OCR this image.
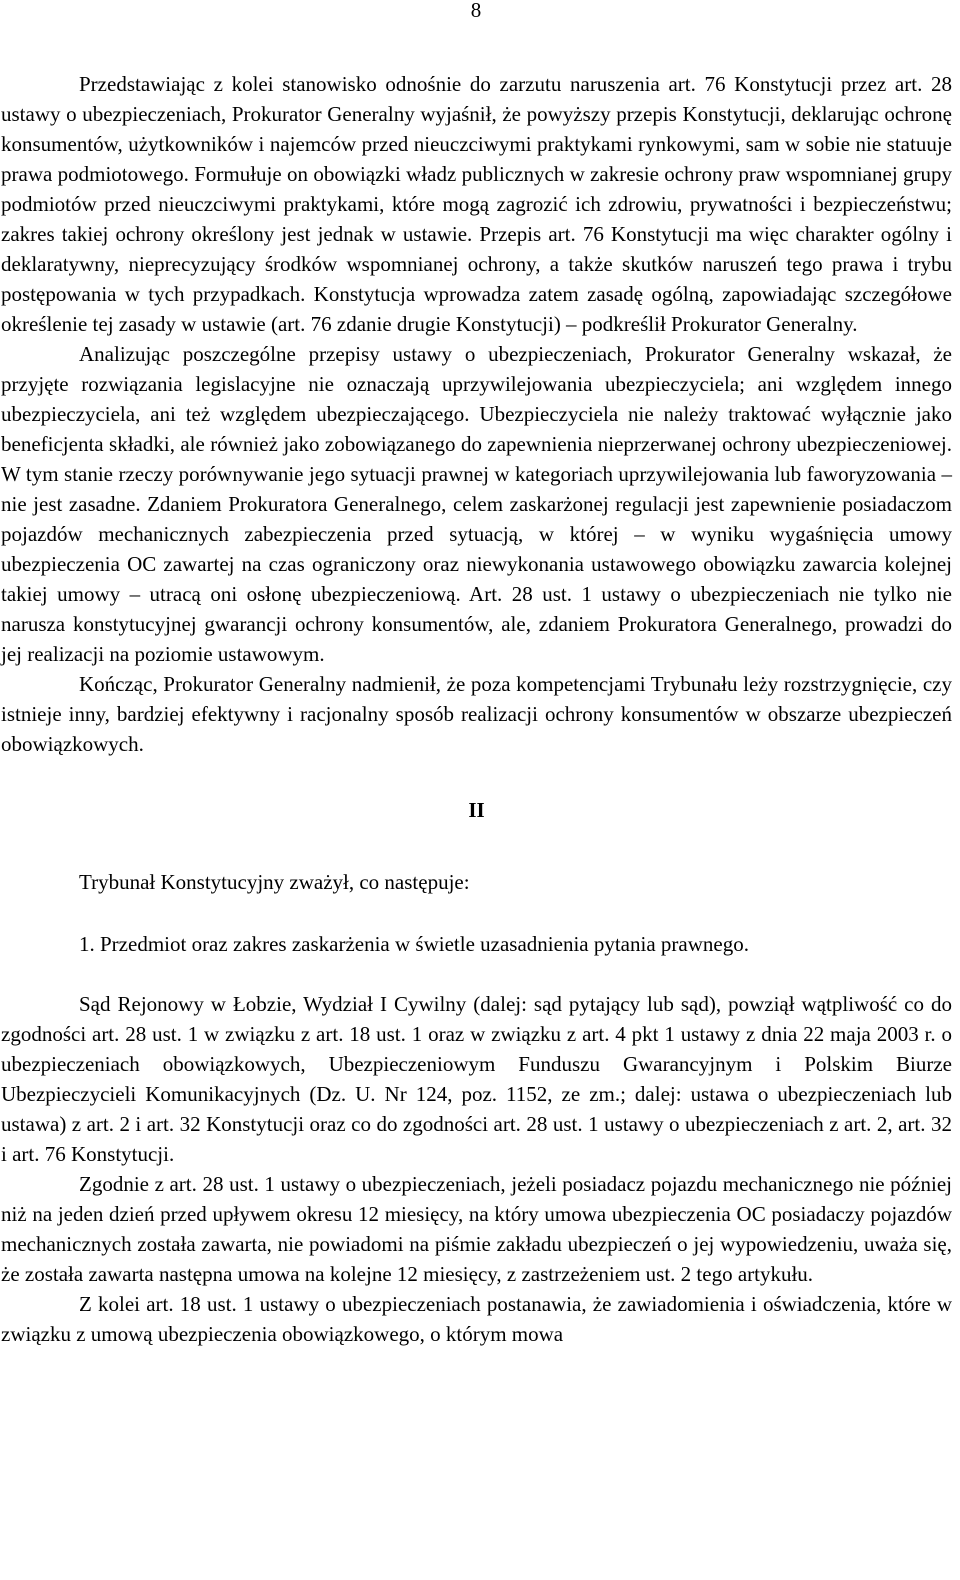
8

Przedstawiając z kolei stanowisko odnośnie do zarzutu naruszenia art. 76 Konstytucji przez art. 28 ustawy o ubezpieczeniach, Prokurator Generalny wyjaśnił, że powyższy przepis Konstytucji, deklarując ochronę konsumentów, użytkowników i najemców przed nieuczciwymi praktykami rynkowymi, sam w sobie nie statuuje prawa podmiotowego. Formułuje on obowiązki władz publicznych w zakresie ochrony praw wspomnianej grupy podmiotów przed nieuczciwymi praktykami, które mogą zagrozić ich zdrowiu, prywatności i bezpieczeństwu; zakres takiej ochrony określony jest jednak w ustawie. Przepis art. 76 Konstytucji ma więc charakter ogólny i deklaratywny, nieprecyzujący środków wspomnianej ochrony, a także skutków naruszeń tego prawa i trybu postępowania w tych przypadkach. Konstytucja wprowadza zatem zasadę ogólną, zapowiadając szczegółowe określenie tej zasady w ustawie (art. 76 zdanie drugie Konstytucji) – podkreślił Prokurator Generalny.

Analizując poszczególne przepisy ustawy o ubezpieczeniach, Prokurator Generalny wskazał, że przyjęte rozwiązania legislacyjne nie oznaczają uprzywilejowania ubezpieczyciela; ani względem innego ubezpieczyciela, ani też względem ubezpieczającego. Ubezpieczyciela nie należy traktować wyłącznie jako beneficjenta składki, ale również jako zobowiązanego do zapewnienia nieprzerwanej ochrony ubezpieczeniowej. W tym stanie rzeczy porównywanie jego sytuacji prawnej w kategoriach uprzywilejowania lub faworyzowania – nie jest zasadne. Zdaniem Prokuratora Generalnego, celem zaskarżonej regulacji jest zapewnienie posiadaczom pojazdów mechanicznych zabezpieczenia przed sytuacją, w której – w wyniku wygaśnięcia umowy ubezpieczenia OC zawartej na czas ograniczony oraz niewykonania ustawowego obowiązku zawarcia kolejnej takiej umowy – utracą oni osłonę ubezpieczeniową. Art. 28 ust. 1 ustawy o ubezpieczeniach nie tylko nie narusza konstytucyjnej gwarancji ochrony konsumentów, ale, zdaniem Prokuratora Generalnego, prowadzi do jej realizacji na poziomie ustawowym.

Kończąc, Prokurator Generalny nadmienił, że poza kompetencjami Trybunału leży rozstrzygnięcie, czy istnieje inny, bardziej efektywny i racjonalny sposób realizacji ochrony konsumentów w obszarze ubezpieczeń obowiązkowych.

II

Trybunał Konstytucyjny zważył, co następuje:

1. Przedmiot oraz zakres zaskarżenia w świetle uzasadnienia pytania prawnego.

Sąd Rejonowy w Łobzie, Wydział I Cywilny (dalej: sąd pytający lub sąd), powziął wątpliwość co do zgodności art. 28 ust. 1 w związku z art. 18 ust. 1 oraz w związku z art. 4 pkt 1 ustawy z dnia 22 maja 2003 r. o ubezpieczeniach obowiązkowych, Ubezpieczeniowym Funduszu Gwarancyjnym i Polskim Biurze Ubezpieczycieli Komunikacyjnych (Dz. U. Nr 124, poz. 1152, ze zm.; dalej: ustawa o ubezpieczeniach lub ustawa) z art. 2 i art. 32 Konstytucji oraz co do zgodności art. 28 ust. 1 ustawy o ubezpieczeniach z art. 2, art. 32 i art. 76 Konstytucji.

Zgodnie z art. 28 ust. 1 ustawy o ubezpieczeniach, jeżeli posiadacz pojazdu mechanicznego nie później niż na jeden dzień przed upływem okresu 12 miesięcy, na który umowa ubezpieczenia OC posiadaczy pojazdów mechanicznych została zawarta, nie powiadomi na piśmie zakładu ubezpieczeń o jej wypowiedzeniu, uważa się, że została zawarta następna umowa na kolejne 12 miesięcy, z zastrzeżeniem ust. 2 tego artykułu.

Z kolei art. 18 ust. 1 ustawy o ubezpieczeniach postanawia, że zawiadomienia i oświadczenia, które w związku z umową ubezpieczenia obowiązkowego, o którym mowa
